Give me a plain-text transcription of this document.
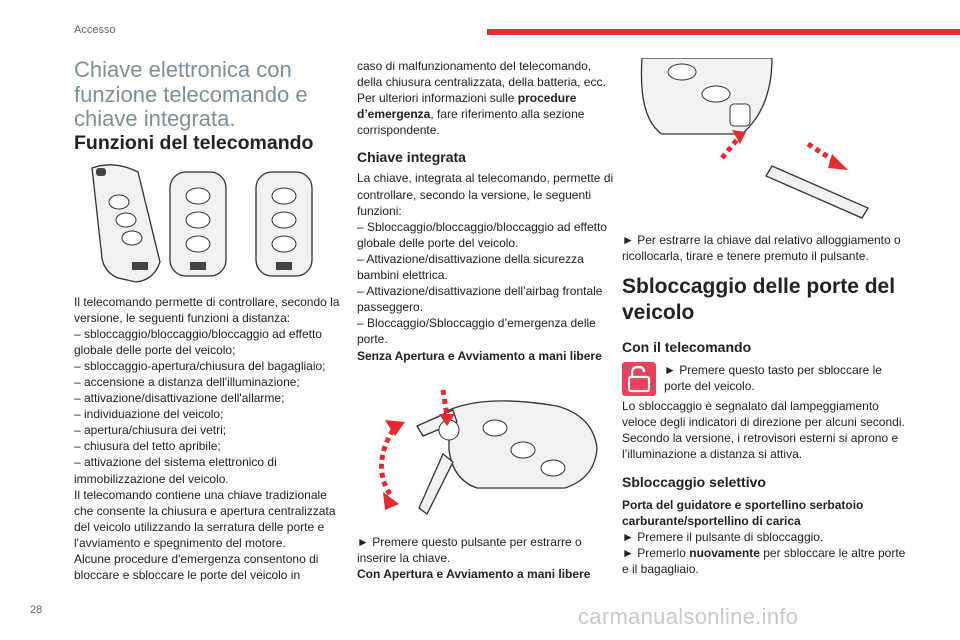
Accesso

Chiave elettronica con funzione telecomando e chiave integrata.

Funzioni del telecomando

Il telecomando permette di controllare, secondo la versione, le seguenti funzioni a distanza:

– sbloccaggio/bloccaggio/bloccaggio ad effetto globale delle porte del veicolo;

– sbloccaggio-apertura/chiusura del bagagliaio;

– accensione a distanza dell'illuminazione;

– attivazione/disattivazione dell'allarme;

– individuazione del veicolo;

– apertura/chiusura dei vetri;

– chiusura del tetto apribile;

– attivazione del sistema elettronico di immobilizzazione del veicolo.

Il telecomando contiene una chiave tradizionale che consente la chiusura e apertura centralizzata del veicolo utilizzando la serratura delle porte e l'avviamento e spegnimento del motore.

Alcune procedure d'emergenza consentono di bloccare e sbloccare le porte del veicolo in

caso di malfunzionamento del telecomando, della chiusura centralizzata, della batteria, ecc. Per ulteriori informazioni sulle procedure d’emergenza, fare riferimento alla sezione corrispondente.

Chiave integrata

La chiave, integrata al telecomando, permette di controllare, secondo la versione, le seguenti funzioni:

– Sbloccaggio/bloccaggio/bloccaggio ad effetto globale delle porte del veicolo.

– Attivazione/disattivazione della sicurezza bambini elettrica.

– Attivazione/disattivazione dell’airbag frontale passeggero.

– Bloccaggio/Sbloccaggio d’emergenza delle porte.

Senza Apertura e Avviamento a mani libere

► Premere questo pulsante per estrarre o inserire la chiave.

Con Apertura e Avviamento a mani libere

► Per estrarre la chiave dal relativo alloggiamento o ricollocarla, tirare e tenere premuto il pulsante.

Sbloccaggio delle porte del veicolo

Con il telecomando

► Premere questo tasto per sbloccare le porte del veicolo.

Lo sbloccaggio è segnalato dal lampeggiamento veloce degli indicatori di direzione per alcuni secondi. Secondo la versione, i retrovisori esterni si aprono e l’illuminazione a distanza si attiva.

Sbloccaggio selettivo

Porta del guidatore e sportellino serbatoio carburante/sportellino di carica

► Premere il pulsante di sbloccaggio.

► Premerlo nuovamente per sbloccare le altre porte e il bagagliaio.

28	carmanualsonline.info
